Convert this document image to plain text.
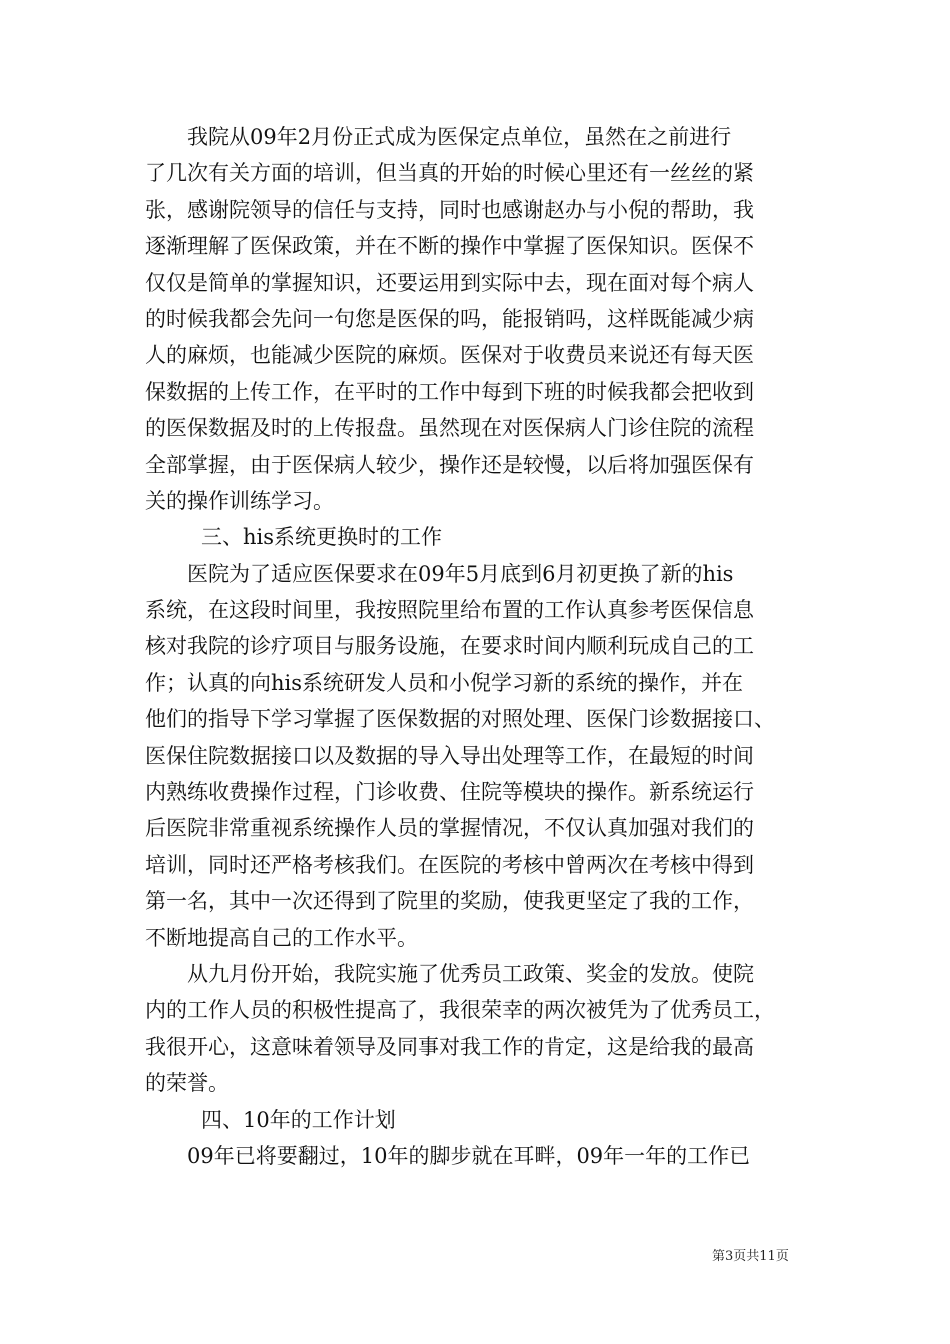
我院从09年2月份正式成为医保定点单位，虽然在之前进行
了几次有关方面的培训，但当真的开始的时候心里还有一丝丝的紧
张，感谢院领导的信任与支持，同时也感谢赵办与小倪的帮助，我
逐渐理解了医保政策，并在不断的操作中掌握了医保知识。医保不
仅仅是简单的掌握知识，还要运用到实际中去，现在面对每个病人
的时候我都会先问一句您是医保的吗，能报销吗，这样既能减少病
人的麻烦，也能减少医院的麻烦。医保对于收费员来说还有每天医
保数据的上传工作，在平时的工作中每到下班的时候我都会把收到
的医保数据及时的上传报盘。虽然现在对医保病人门诊住院的流程
全部掌握，由于医保病人较少，操作还是较慢，以后将加强医保有
关的操作训练学习。
三、his系统更换时的工作
医院为了适应医保要求在09年5月底到6月初更换了新的his
系统，在这段时间里，我按照院里给布置的工作认真参考医保信息
核对我院的诊疗项目与服务设施，在要求时间内顺利玩成自己的工
作；认真的向his系统研发人员和小倪学习新的系统的操作，并在
他们的指导下学习掌握了医保数据的对照处理、医保门诊数据接口、
医保住院数据接口以及数据的导入导出处理等工作，在最短的时间
内熟练收费操作过程，门诊收费、住院等模块的操作。新系统运行
后医院非常重视系统操作人员的掌握情况，不仅认真加强对我们的
培训，同时还严格考核我们。在医院的考核中曾两次在考核中得到
第一名，其中一次还得到了院里的奖励，使我更坚定了我的工作，
不断地提高自己的工作水平。
从九月份开始，我院实施了优秀员工政策、奖金的发放。使院
内的工作人员的积极性提高了，我很荣幸的两次被凭为了优秀员工，
我很开心，这意味着领导及同事对我工作的肯定，这是给我的最高
的荣誉。
四、10年的工作计划
09年已将要翻过，10年的脚步就在耳畔，09年一年的工作已
第3页共11页
